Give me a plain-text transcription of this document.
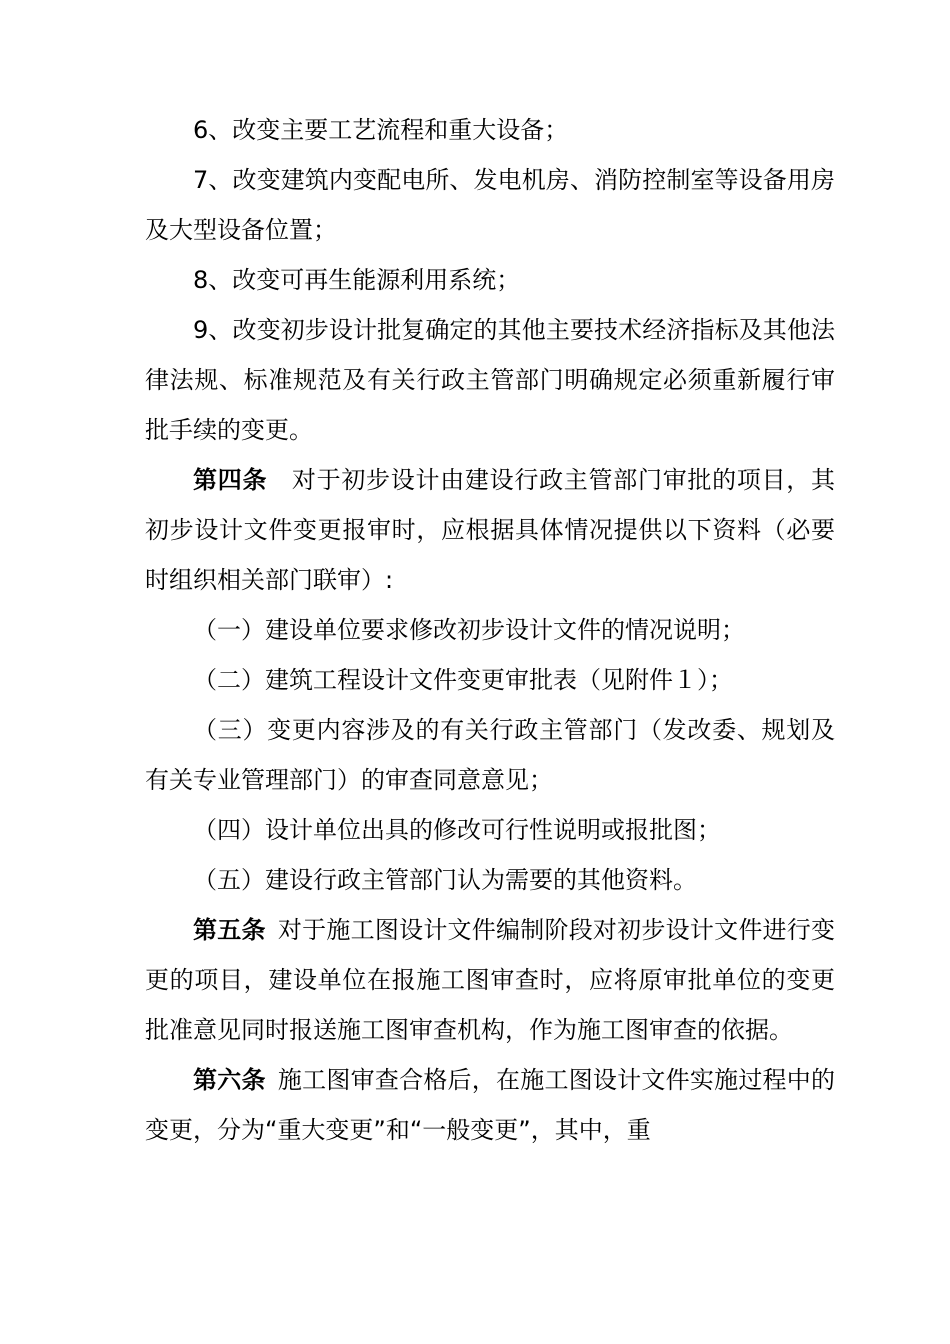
6、改变主要工艺流程和重大设备；

7、改变建筑内变配电所、发电机房、消防控制室等设备用房及大型设备位置；

8、改变可再生能源利用系统；

9、改变初步设计批复确定的其他主要技术经济指标及其他法律法规、标准规范及有关行政主管部门明确规定必须重新履行审批手续的变更。

第四条　对于初步设计由建设行政主管部门审批的项目，其初步设计文件变更报审时，应根据具体情况提供以下资料（必要时组织相关部门联审）:

（一）建设单位要求修改初步设计文件的情况说明；

（二）建筑工程设计文件变更审批表（见附件１）；

（三）变更内容涉及的有关行政主管部门（发改委、规划及有关专业管理部门）的审查同意意见；

（四）设计单位出具的修改可行性说明或报批图；

（五）建设行政主管部门认为需要的其他资料。

第五条  对于施工图设计文件编制阶段对初步设计文件进行变更的项目，建设单位在报施工图审查时，应将原审批单位的变更批准意见同时报送施工图审查机构，作为施工图审查的依据。

第六条  施工图审查合格后，在施工图设计文件实施过程中的变更，分为“重大变更”和“一般变更”，其中，重
